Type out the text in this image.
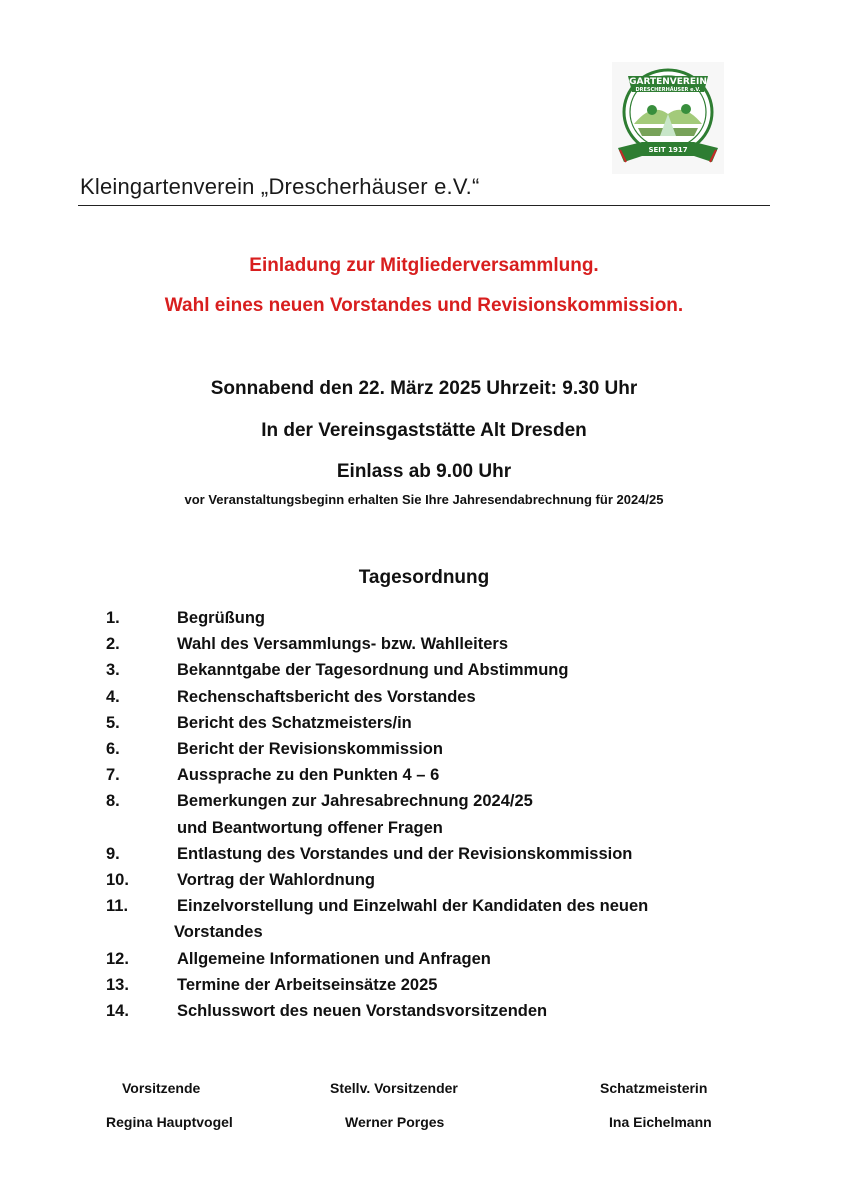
GARTENVEREIN
DRESCHERHÄUSER e.V.
SEIT 1917
Kleingartenverein „Drescherhäuser e.V.“
Einladung zur Mitgliederversammlung.
Wahl eines neuen Vorstandes und Revisionskommission.
Sonnabend den 22. März 2025 Uhrzeit: 9.30 Uhr
In der Vereinsgaststätte Alt Dresden
Einlass ab 9.00 Uhr
vor Veranstaltungsbeginn erhalten Sie Ihre Jahresendabrechnung für 2024/25
Tagesordnung
1.	Begrüßung
2.	Wahl des Versammlungs- bzw. Wahlleiters
3.	Bekanntgabe der Tagesordnung und Abstimmung
4.	Rechenschaftsbericht des Vorstandes
5.	Bericht des Schatzmeisters/in
6.	Bericht der Revisionskommission
7.	Aussprache zu den Punkten 4 – 6
8.	Bemerkungen zur Jahresabrechnung 2024/25
und Beantwortung offener Fragen
9.	Entlastung des Vorstandes und der Revisionskommission
10.	Vortrag der Wahlordnung
11.	Einzelvorstellung und Einzelwahl der Kandidaten des neuen
Vorstandes
12.	Allgemeine Informationen und Anfragen
13.	Termine der Arbeitseinsätze 2025
14.	Schlusswort des neuen Vorstandsvorsitzenden
Vorsitzende	Stellv. Vorsitzender	Schatzmeisterin
Regina Hauptvogel	Werner Porges	Ina Eichelmann
